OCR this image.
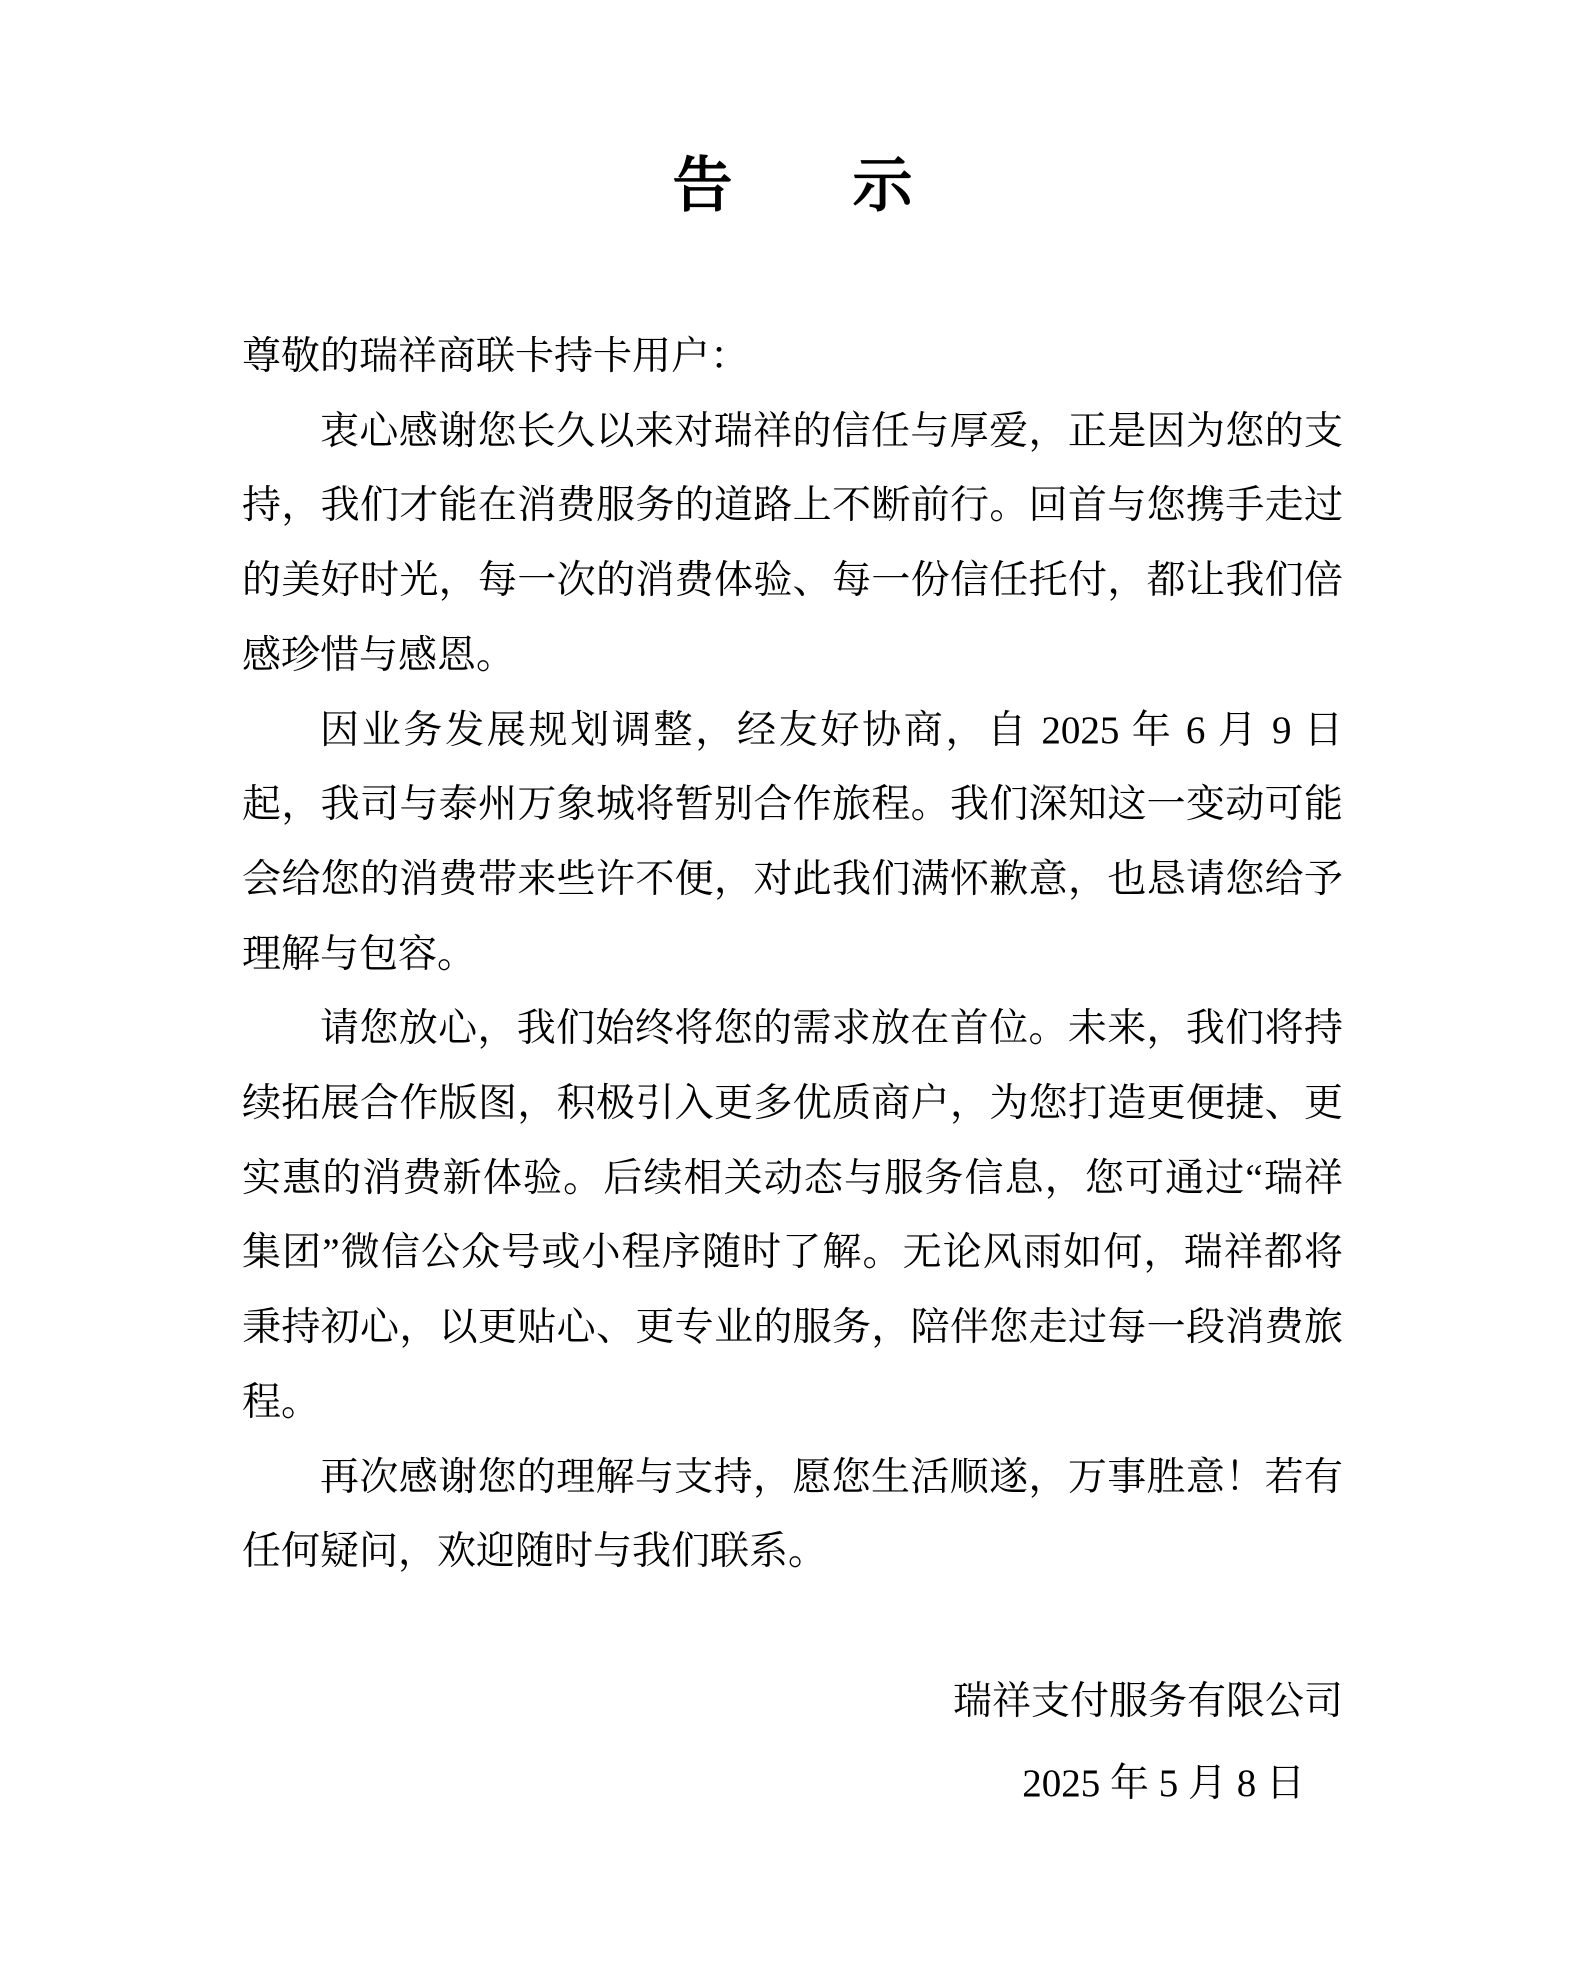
告　　示
尊敬的瑞祥商联卡持卡用户：
衷心感谢您长久以来对瑞祥的信任与厚爱，正是因为您的支
持，我们才能在消费服务的道路上不断前行。回首与您携手走过
的美好时光，每一次的消费体验、每一份信任托付，都让我们倍
感珍惜与感恩。
因业务发展规划调整，经友好协商，自 2025 年 6 月 9 日
起，我司与泰州万象城将暂别合作旅程。我们深知这一变动可能
会给您的消费带来些许不便，对此我们满怀歉意，也恳请您给予
理解与包容。
请您放心，我们始终将您的需求放在首位。未来，我们将持
续拓展合作版图，积极引入更多优质商户，为您打造更便捷、更
实惠的消费新体验。后续相关动态与服务信息，您可通过“瑞祥
集团”微信公众号或小程序随时了解。无论风雨如何，瑞祥都将
秉持初心，以更贴心、更专业的服务，陪伴您走过每一段消费旅
程。
再次感谢您的理解与支持，愿您生活顺遂，万事胜意！若有
任何疑问，欢迎随时与我们联系。
瑞祥支付服务有限公司
2025 年 5 月 8 日
